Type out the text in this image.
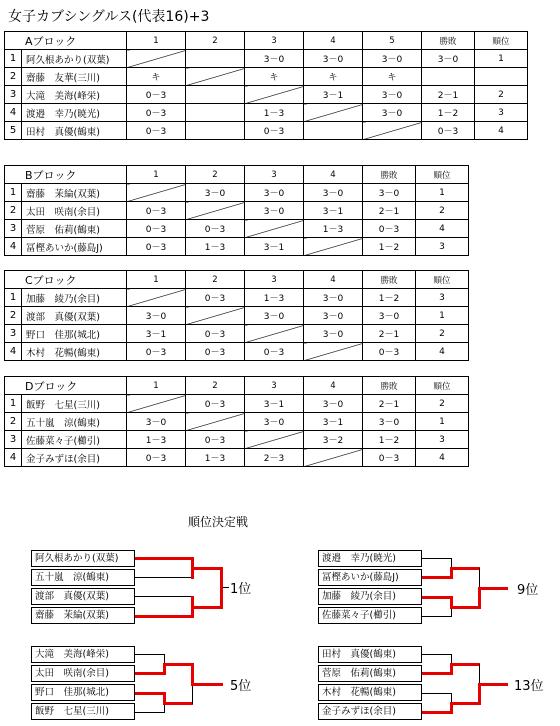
女子カブシングルス(代表16)+3
Aブロック		1	2	3	4	5	勝敗	順位
1	阿久根あかり(双葉)			3－0	3－0	3－0	3－0	1
2	齋藤　友華(三川)	キ		キ	キ	キ		
3	大滝　美海(峰栄)	0－3			3－1	3－0	2－1	2
4	渡邉　幸乃(暁光)	0－3		1－3		3－0	1－2	3
5	田村　真優(鶴東)	0－3		0－3			0－3	4
Bブロック		1	2	3	4	勝敗	順位
1	齋藤　茉綸(双葉)		3－0	3－0	3－0	3－0	1
2	太田　咲南(余目)	0－3		3－0	3－1	2－1	2
3	菅原　佑莉(鶴東)	0－3	0－3		1－3	0－3	4
4	冨樫あいか(藤島J)	0－3	1－3	3－1		1－2	3
Cブロック		1	2	3	4	勝敗	順位
1	加藤　綾乃(余目)		0－3	1－3	3－0	1－2	3
2	渡部　真優(双葉)	3－0		3－0	3－0	3－0	1
3	野口　佳那(城北)	3－1	0－3		3－0	2－1	2
4	木村　花暢(鶴東)	0－3	0－3	0－3		0－3	4
Dブロック		1	2	3	4	勝敗	順位
1	飯野　七星(三川)		0－3	3－1	3－0	2－1	2
2	五十嵐　涼(鶴東)	3－0		3－0	3－1	3－0	1
3	佐藤菜々子(櫛引)	1－3	0－3		3－2	1－2	3
4	金子みずほ(余目)	0－3	1－3	2－3		0－3	4
順位決定戦
阿久根あかり(双葉)
五十嵐　涼(鶴東)
渡部　真優(双葉)
齋藤　茉綸(双葉)
1位
渡邉　幸乃(暁光)
冨樫あいか(藤島J)
加藤　綾乃(余目)
佐藤菜々子(櫛引)
9位
大滝　美海(峰栄)
太田　咲南(余目)
野口　佳那(城北)
飯野　七星(三川)
5位
田村　真優(鶴東)
菅原　佑莉(鶴東)
木村　花暢(鶴東)
金子みずほ(余目)
13位
